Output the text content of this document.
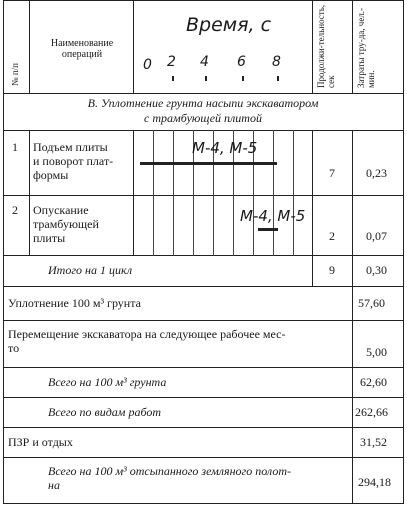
№ п/п
Наименование операций
Время, с
0 2 4 6 8	Продолжи-тельность, сек Затраты тру-да, чел.-мин.
В. Уплотнение грунта насыпи экскаватором
с трамбующей плитой
1 Подъем плиты
и поворот плат-
формы
М-4, М-5
7	0,23
2 Опускание
трамбующей
плиты
М-4, М-5
2	0,07
Итого на 1 цикл	9	0,30
Уплотнение 100 м³ грунта	57,60
Перемещение экскаватора на следующее рабочее мес-
то	5,00
Всего на 100 м³ грунта	62,60
Всего по видам работ	262,66
ПЗР и отдых	31,52
Всего на 100 м³ отсыпанного земляного полот-
на	294,18
